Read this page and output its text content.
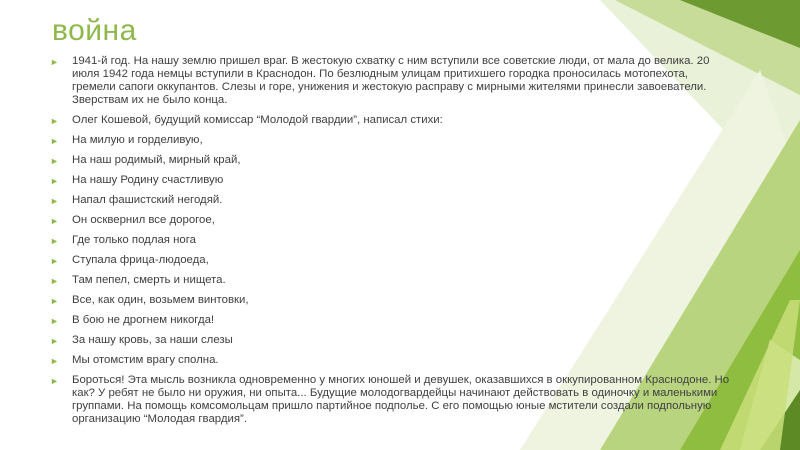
война
► 1941-й год. На нашу землю пришел враг. В жестокую схватку с ним вступили все советские люди, от мала до велика. 20 июля 1942 года немцы вступили в Краснодон. По безлюдным улицам притихшего городка проносилась мотопехота, гремели сапоги оккупантов. Слезы и горе, унижения и жестокую расправу с мирными жителями принесли завоеватели. Зверствам их не было конца.
► Олег Кошевой, будущий комиссар “Молодой гвардии”, написал стихи:
► На милую и горделивую,
► На наш родимый, мирный край,
► На нашу Родину счастливую
► Напал фашистский негодяй.
► Он осквернил все дорогое,
► Где только подлая нога
► Ступала фрица-людоеда,
► Там пепел, смерть и нищета.
► Все, как один, возьмем винтовки,
► В бою не дрогнем никогда!
► За нашу кровь, за наши слезы
► Мы отомстим врагу сполна.
► Бороться! Эта мысль возникла одновременно у многих юношей и девушек, оказавшихся в оккупированном Краснодоне. Но как? У ребят не было ни оружия, ни опыта... Будущие молодогвардейцы начинают действовать в одиночку и маленькими группами. На помощь комсомольцам пришло партийное подполье. С его помощью юные мстители создали подпольную организацию “Молодая гвардия”.
